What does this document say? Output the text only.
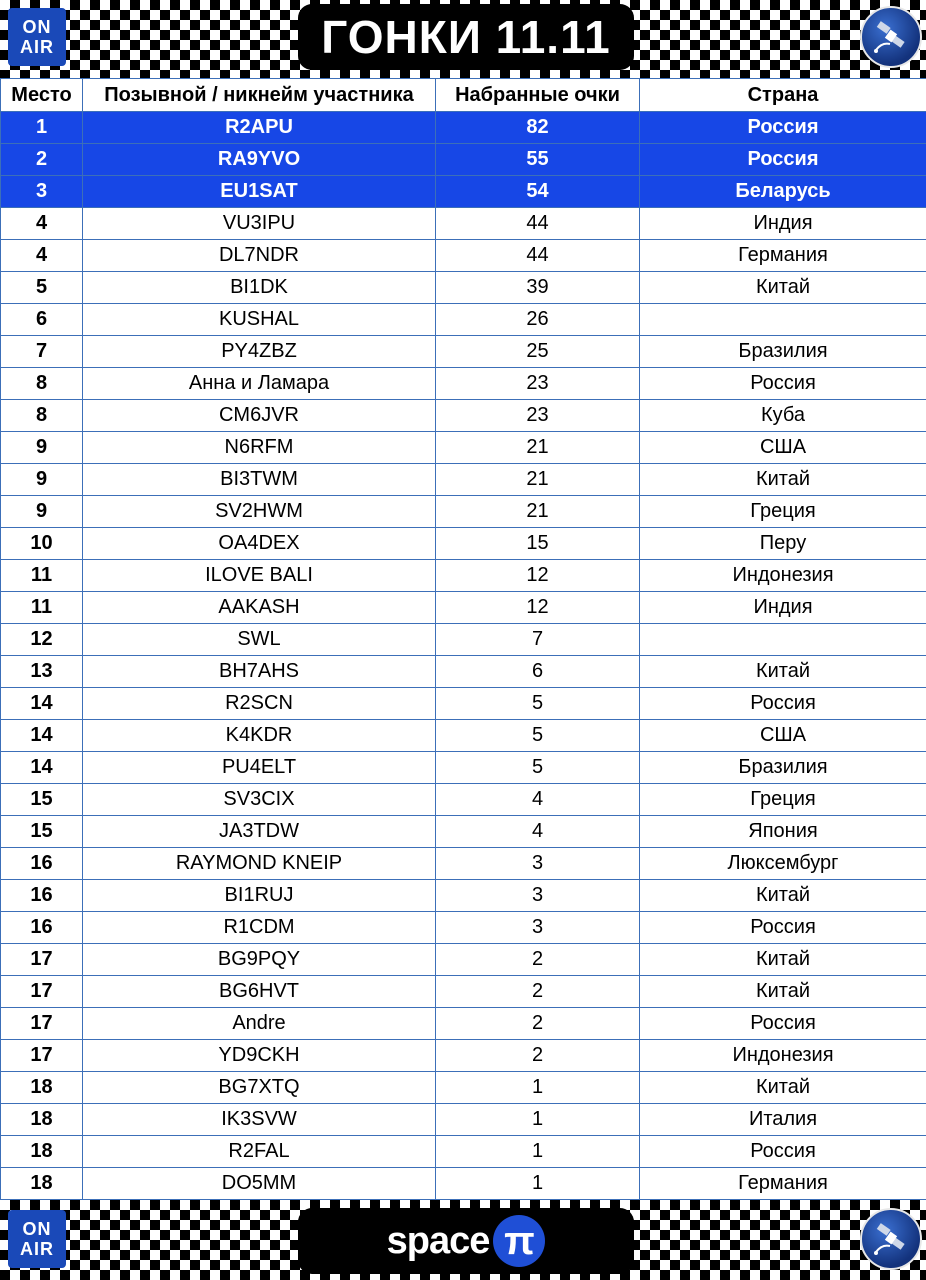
ON
AIR	ГОНКИ 11.11
Место	Позывной / никнейм участника	Набранные очки	Страна
1	R2APU	82	Россия
2	RA9YVO	55	Россия
3	EU1SAT	54	Беларусь
4	VU3IPU	44	Индия
4	DL7NDR	44	Германия
5	BI1DK	39	Китай
6	KUSHAL	26	
7	PY4ZBZ	25	Бразилия
8	Анна и Ламара	23	Россия
8	CM6JVR	23	Куба
9	N6RFM	21	США
9	BI3TWM	21	Китай
9	SV2HWM	21	Греция
10	OA4DEX	15	Перу
11	ILOVE BALI	12	Индонезия
11	AAKASH	12	Индия
12	SWL	7	
13	BH7AHS	6	Китай
14	R2SCN	5	Россия
14	K4KDR	5	США
14	PU4ELT	5	Бразилия
15	SV3CIX	4	Греция
15	JA3TDW	4	Япония
16	RAYMOND KNEIP	3	Люксембург
16	BI1RUJ	3	Китай
16	R1CDM	3	Россия
17	BG9PQY	2	Китай
17	BG6HVT	2	Китай
17	Andre	2	Россия
17	YD9CKH	2	Индонезия
18	BG7XTQ	1	Китай
18	IK3SVW	1	Италия
18	R2FAL	1	Россия
18	DO5MM	1	Германия
ON
AIR	space π
